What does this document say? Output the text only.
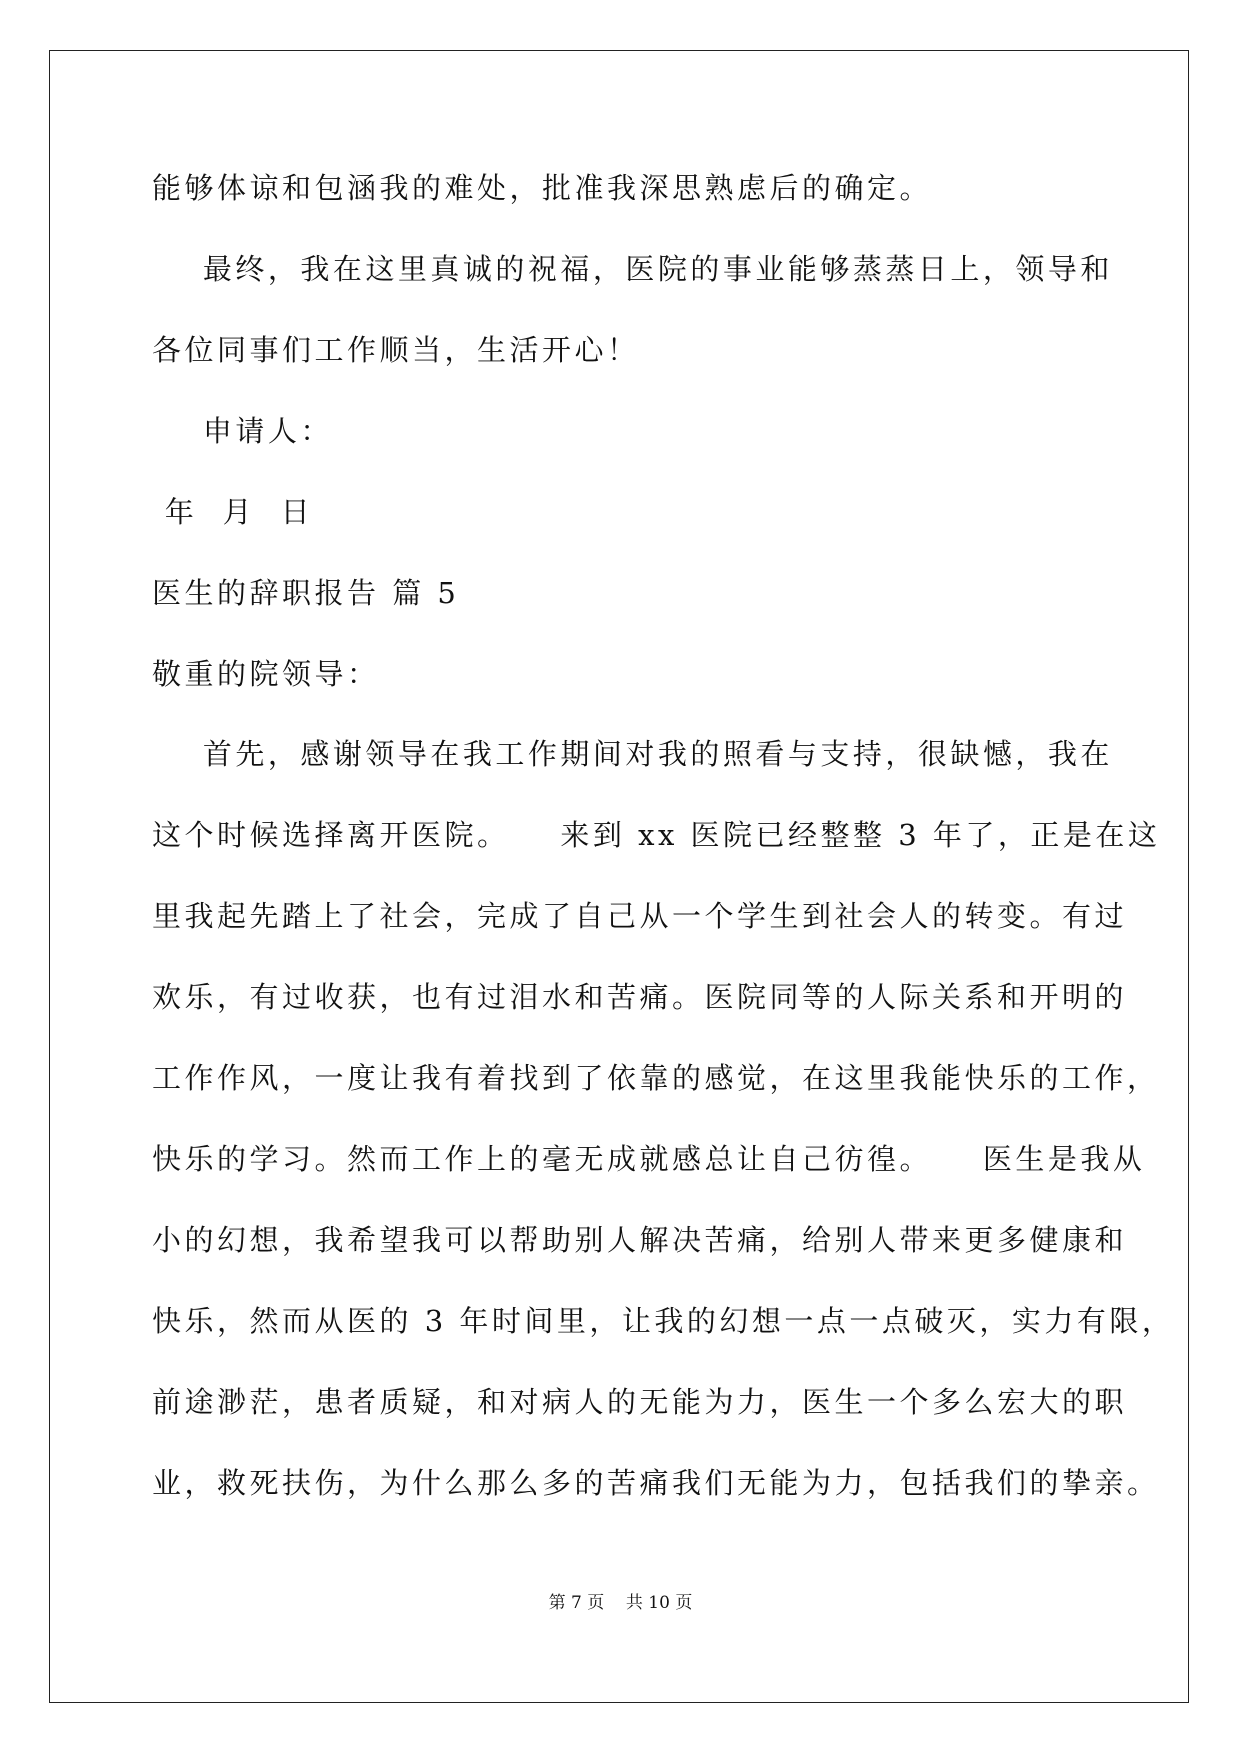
能够体谅和包涵我的难处，批准我深思熟虑后的确定。

最终，我在这里真诚的祝福，医院的事业能够蒸蒸日上，领导和

各位同事们工作顺当，生活开心！

申请人：

年  月  日

医生的辞职报告 篇 5

敬重的院领导：

首先，感谢领导在我工作期间对我的照看与支持，很缺憾，我在

这个时候选择离开医院。    来到 xx 医院已经整整 3 年了，正是在这

里我起先踏上了社会，完成了自己从一个学生到社会人的转变。有过

欢乐，有过收获，也有过泪水和苦痛。医院同等的人际关系和开明的

工作作风，一度让我有着找到了依靠的感觉，在这里我能快乐的工作，

快乐的学习。然而工作上的毫无成就感总让自己彷徨。    医生是我从

小的幻想，我希望我可以帮助别人解决苦痛，给别人带来更多健康和

快乐，然而从医的 3 年时间里，让我的幻想一点一点破灭，实力有限，

前途渺茫，患者质疑，和对病人的无能为力，医生一个多么宏大的职

业，救死扶伤，为什么那么多的苦痛我们无能为力，包括我们的挚亲。

第 7 页    共 10 页
